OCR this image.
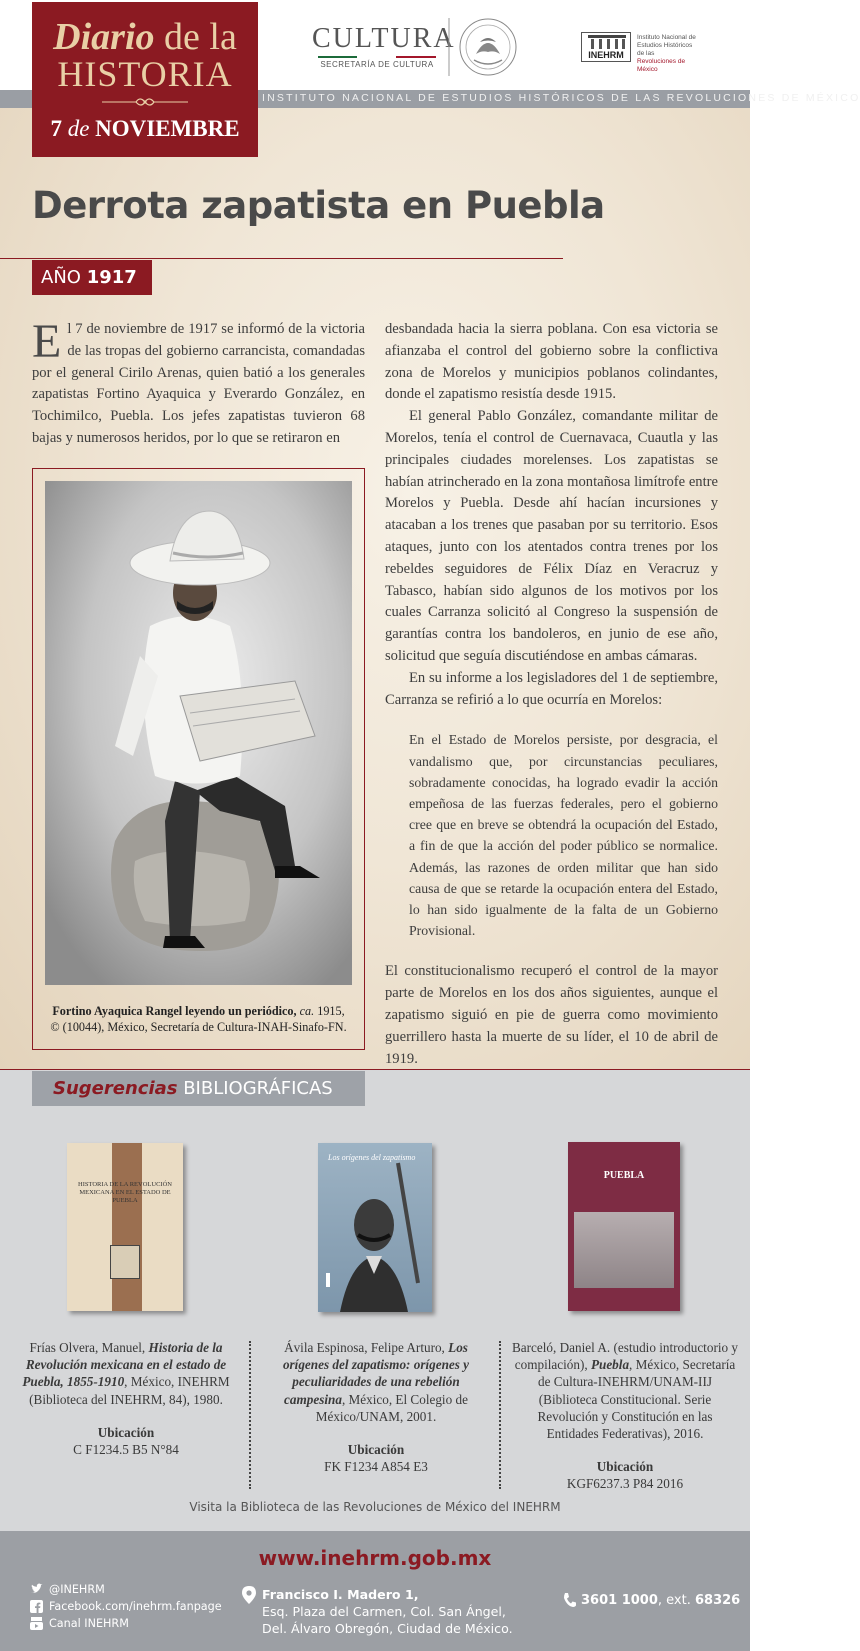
Diario de la
HISTORIA
7 de NOVIEMBRE
CULTURA
SECRETARÍA DE CULTURA
INEHRM
Instituto Nacional de
Estudios Históricos de las
Revoluciones de México
INSTITUTO NACIONAL DE ESTUDIOS HISTÓRICOS DE LAS REVOLUCIONES DE MÉXICO
Derrota zapatista en Puebla
AÑO 1917
El 7 de noviembre de 1917 se informó de la victoria de las tropas del gobierno carrancista, comandadas por el general Cirilo Arenas, quien batió a los generales zapatistas Fortino Ayaquica y Everardo González, en Tochimilco, Puebla. Los jefes zapatistas tuvieron 68 bajas y numerosos heridos, por lo que se retiraron en
Fortino Ayaquica Rangel leyendo un periódico, ca. 1915,
© (10044), México, Secretaría de Cultura-INAH-Sinafo-FN.

desbandada hacia la sierra poblana. Con esa victoria se afianzaba el control del gobierno sobre la conflictiva zona de Morelos y municipios poblanos colindantes, donde el zapatismo resistía desde 1915.

El general Pablo González, comandante militar de Morelos, tenía el control de Cuernavaca, Cuautla y las principales ciudades morelenses. Los zapatistas se habían atrincherado en la zona montañosa limítrofe entre Morelos y Puebla. Desde ahí hacían incursiones y atacaban a los trenes que pasaban por su territorio. Esos ataques, junto con los atentados contra trenes por los rebeldes seguidores de Félix Díaz en Veracruz y Tabasco, habían sido algunos de los motivos por los cuales Carranza solicitó al Congreso la suspensión de garantías contra los bandoleros, en junio de ese año, solicitud que seguía discutiéndose en ambas cámaras.

En su informe a los legisladores del 1 de septiembre, Carranza se refirió a lo que ocurría en Morelos:

En el Estado de Morelos persiste, por desgracia, el vandalismo que, por circunstancias peculiares, sobradamente conocidas, ha logrado evadir la acción empeñosa de las fuerzas federales, pero el gobierno cree que en breve se obtendrá la ocupación del Estado, a fin de que la acción del poder público se normalice. Además, las razones de orden militar que han sido causa de que se retarde la ocupación entera del Estado, lo han sido igualmente de la falta de un Gobierno Provisional.

El constitucionalismo recuperó el control de la mayor parte de Morelos en los dos años siguientes, aunque el zapatismo siguió en pie de guerra como movimiento guerrillero hasta la muerte de su líder, el 10 de abril de 1919.

Sugerencias BIBLIOGRÁFICAS
HISTORIA DE LA REVOLUCIÓN MEXICANA EN EL ESTADO DE PUEBLA
Los orígenes del zapatismo
PUEBLA
Frías Olvera, Manuel, Historia de la Revolución mexicana en el estado de Puebla, 1855-1910, México, INEHRM (Biblioteca del INEHRM, 84), 1980.
Ubicación
C F1234.5 B5 N°84
Ávila Espinosa, Felipe Arturo, Los orígenes del zapatismo: orígenes y peculiaridades de una rebelión campesina, México, El Colegio de México/UNAM, 2001.
Ubicación
FK F1234 A854 E3
Barceló, Daniel A. (estudio introductorio y compilación), Puebla, México, Secretaría de Cultura-INEHRM/UNAM-IIJ (Biblioteca Constitucional. Serie Revolución y Constitución en las Entidades Federativas), 2016.
Ubicación
KGF6237.3 P84 2016
Visita la Biblioteca de las Revoluciones de México del INEHRM
www.inehrm.gob.mx
@INEHRM
Facebook.com/inehrm.fanpage
Canal INEHRM
Francisco I. Madero 1,
Esq. Plaza del Carmen, Col. San Ángel,
Del. Álvaro Obregón, Ciudad de México.
3601 1000, ext. 68326
